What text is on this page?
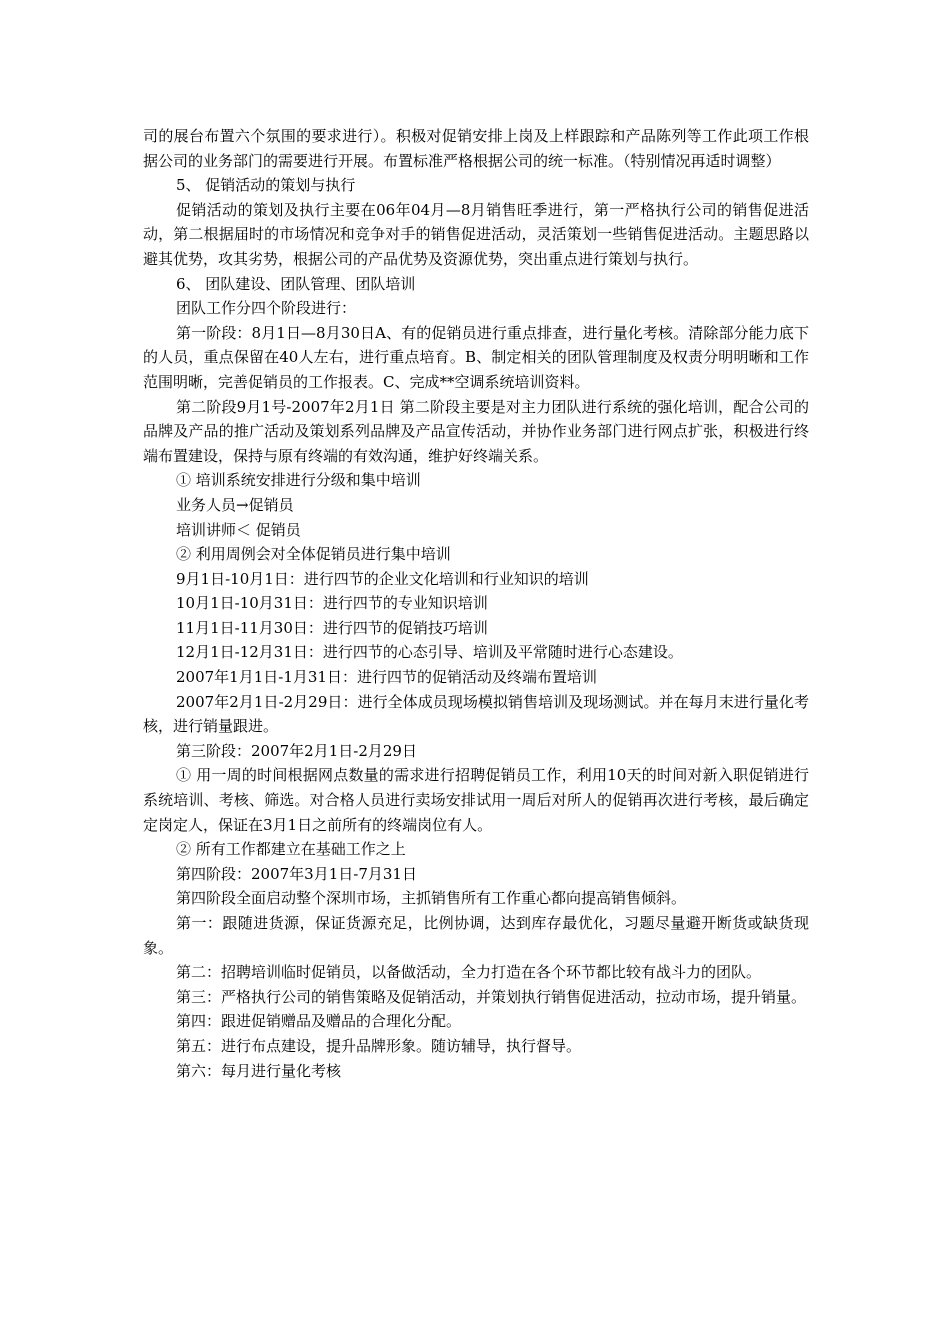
司的展台布置六个氛围的要求进行）。积极对促销安排上岗及上样跟踪和产品陈列等工作此项工作根据公司的业务部门的需要进行开展。布置标准严格根据公司的统一标准。（特别情况再适时调整）

5、 促销活动的策划与执行

促销活动的策划及执行主要在06年04月—8月销售旺季进行，第一严格执行公司的销售促进活动，第二根据届时的市场情况和竞争对手的销售促进活动，灵活策划一些销售促进活动。主题思路以避其优势，攻其劣势，根据公司的产品优势及资源优势，突出重点进行策划与执行。

6、 团队建设、团队管理、团队培训

团队工作分四个阶段进行：

第一阶段：8月1日—8月30日A、有的促销员进行重点排查，进行量化考核。清除部分能力底下的人员，重点保留在40人左右，进行重点培育。B、制定相关的团队管理制度及权责分明明晰和工作范围明晰，完善促销员的工作报表。C、完成**空调系统培训资料。

第二阶段9月1号-2007年2月1日 第二阶段主要是对主力团队进行系统的强化培训，配合公司的品牌及产品的推广活动及策划系列品牌及产品宣传活动，并协作业务部门进行网点扩张，积极进行终端布置建设，保持与原有终端的有效沟通，维护好终端关系。

① 培训系统安排进行分级和集中培训

业务人员→促销员

培训讲师＜ 促销员

② 利用周例会对全体促销员进行集中培训

9月1日-10月1日：进行四节的企业文化培训和行业知识的培训

10月1日-10月31日：进行四节的专业知识培训

11月1日-11月30日：进行四节的促销技巧培训

12月1日-12月31日：进行四节的心态引导、培训及平常随时进行心态建设。

2007年1月1日-1月31日：进行四节的促销活动及终端布置培训

2007年2月1日-2月29日：进行全体成员现场模拟销售培训及现场测试。并在每月末进行量化考核，进行销量跟进。

第三阶段：2007年2月1日-2月29日

① 用一周的时间根据网点数量的需求进行招聘促销员工作，利用10天的时间对新入职促销进行系统培训、考核、筛选。对合格人员进行卖场安排试用一周后对所人的促销再次进行考核，最后确定定岗定人，保证在3月1日之前所有的终端岗位有人。

② 所有工作都建立在基础工作之上

第四阶段：2007年3月1日-7月31日

第四阶段全面启动整个深圳市场，主抓销售所有工作重心都向提高销售倾斜。

第一：跟随进货源，保证货源充足，比例协调，达到库存最优化，习题尽量避开断货或缺货现象。

第二：招聘培训临时促销员，以备做活动，全力打造在各个环节都比较有战斗力的团队。

第三：严格执行公司的销售策略及促销活动，并策划执行销售促进活动，拉动市场，提升销量。

第四：跟进促销赠品及赠品的合理化分配。

第五：进行布点建设，提升品牌形象。随访辅导，执行督导。

第六：每月进行量化考核
